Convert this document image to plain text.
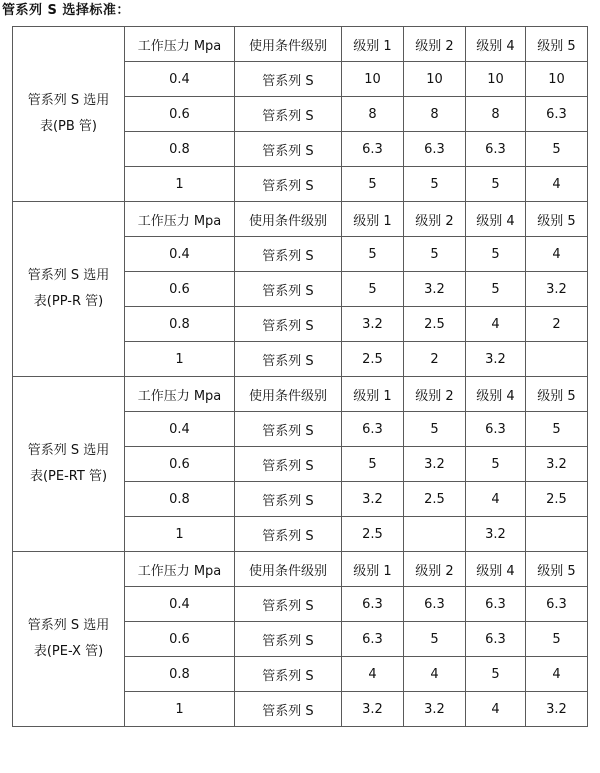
管系列 S 选择标准：
管系列 S 选用
表(PB 管)	工作压力 Mpa	使用条件级别	级别 1	级别 2	级别 4	级别 5
	0.4	管系列 S	10	10	10	10
	0.6	管系列 S	8	8	8	6.3
	0.8	管系列 S	6.3	6.3	6.3	5
	1	管系列 S	5	5	5	4

管系列 S 选用
表(PP-R 管)	工作压力 Mpa	使用条件级别	级别 1	级别 2	级别 4	级别 5
	0.4	管系列 S	5	5	5	4
	0.6	管系列 S	5	3.2	5	3.2
	0.8	管系列 S	3.2	2.5	4	2
	1	管系列 S	2.5	2	3.2	

管系列 S 选用
表(PE-RT 管)	工作压力 Mpa	使用条件级别	级别 1	级别 2	级别 4	级别 5
	0.4	管系列 S	6.3	5	6.3	5
	0.6	管系列 S	5	3.2	5	3.2
	0.8	管系列 S	3.2	2.5	4	2.5
	1	管系列 S	2.5		3.2	

管系列 S 选用
表(PE-X 管)	工作压力 Mpa	使用条件级别	级别 1	级别 2	级别 4	级别 5
	0.4	管系列 S	6.3	6.3	6.3	6.3
	0.6	管系列 S	6.3	5	6.3	5
	0.8	管系列 S	4	4	5	4
	1	管系列 S	3.2	3.2	4	3.2
